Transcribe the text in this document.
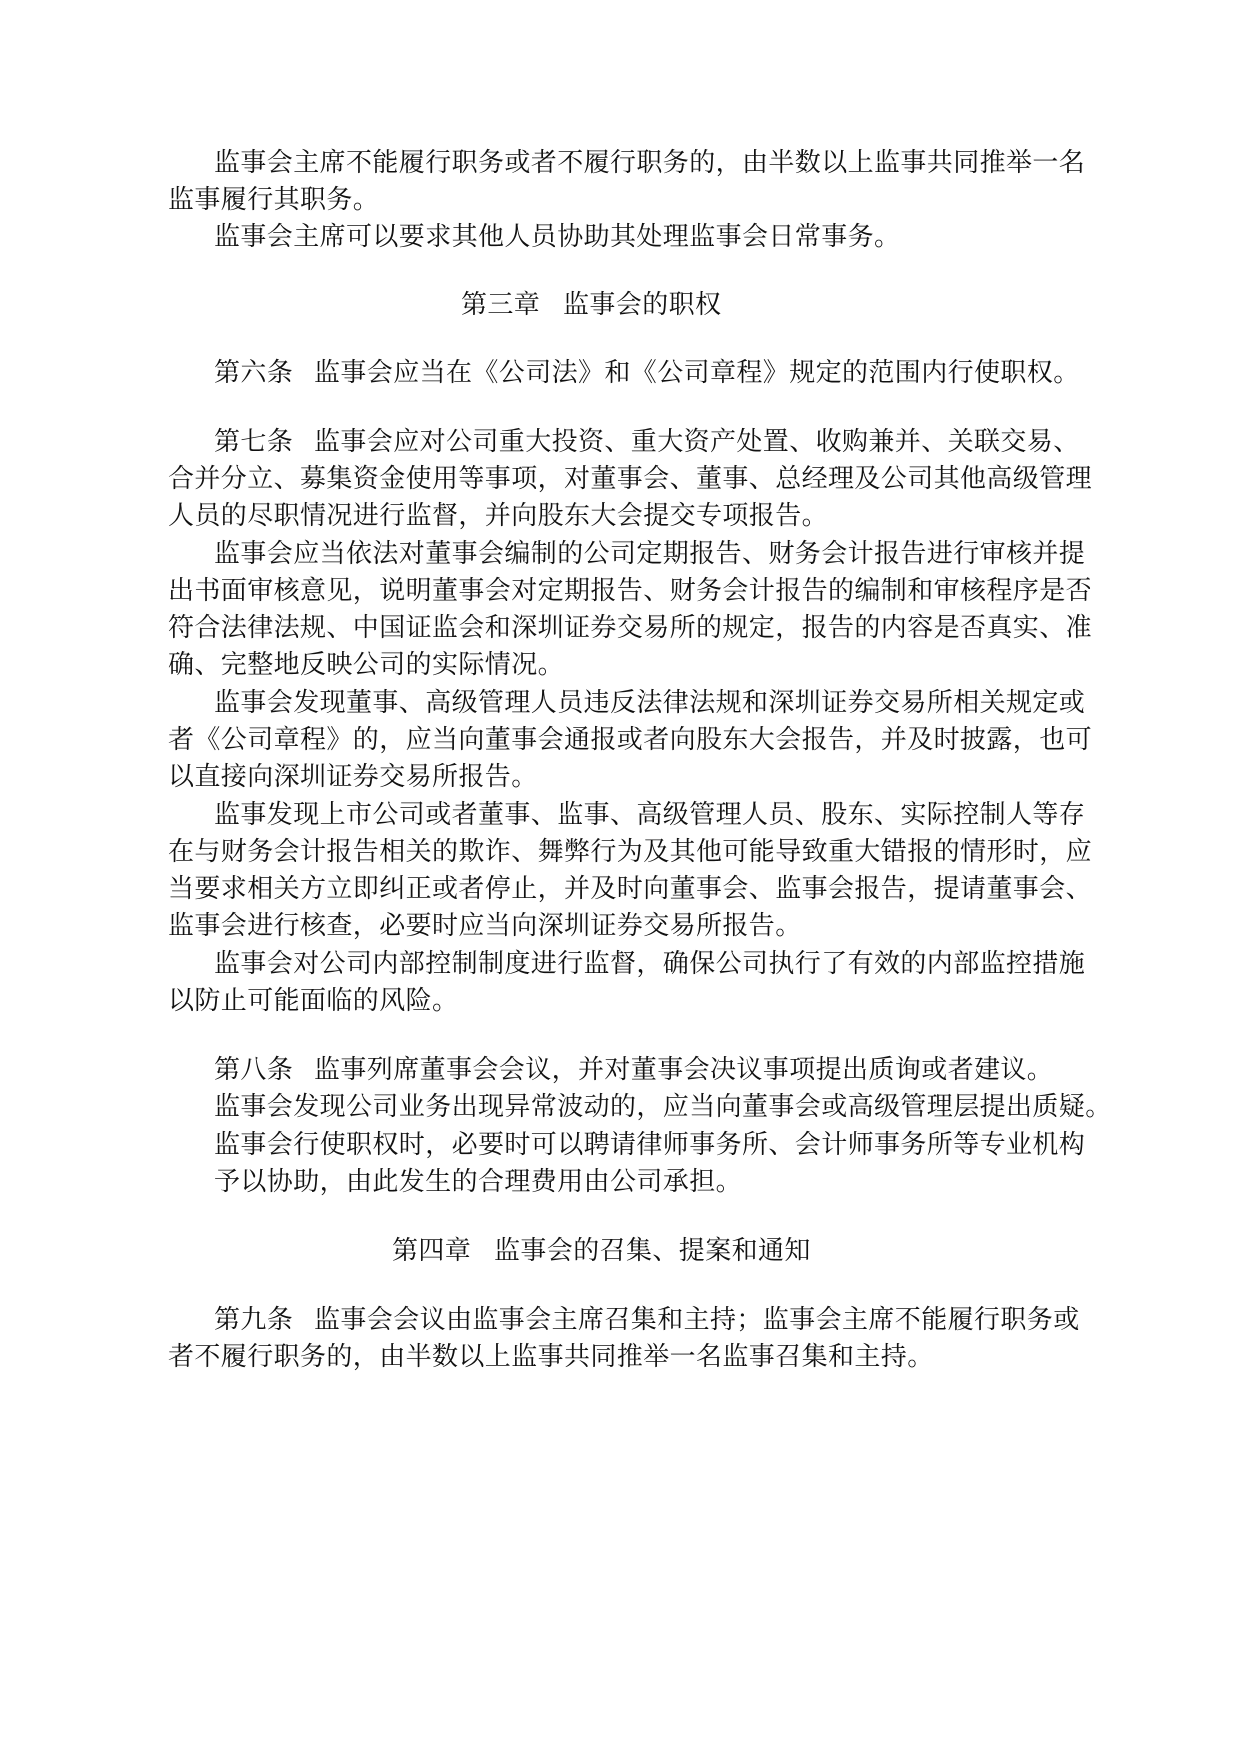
监事会主席不能履行职务或者不履行职务的，由半数以上监事共同推举一名
监事履行其职务。
监事会主席可以要求其他人员协助其处理监事会日常事务。
第三章 监事会的职权
第六条 监事会应当在《公司法》和《公司章程》规定的范围内行使职权。
第七条 监事会应对公司重大投资、重大资产处置、收购兼并、关联交易、
合并分立、募集资金使用等事项，对董事会、董事、总经理及公司其他高级管理
人员的尽职情况进行监督，并向股东大会提交专项报告。
监事会应当依法对董事会编制的公司定期报告、财务会计报告进行审核并提
出书面审核意见，说明董事会对定期报告、财务会计报告的编制和审核程序是否
符合法律法规、中国证监会和深圳证券交易所的规定，报告的内容是否真实、准
确、完整地反映公司的实际情况。
监事会发现董事、高级管理人员违反法律法规和深圳证券交易所相关规定或
者《公司章程》的，应当向董事会通报或者向股东大会报告，并及时披露，也可
以直接向深圳证券交易所报告。
监事发现上市公司或者董事、监事、高级管理人员、股东、实际控制人等存
在与财务会计报告相关的欺诈、舞弊行为及其他可能导致重大错报的情形时，应
当要求相关方立即纠正或者停止，并及时向董事会、监事会报告，提请董事会、
监事会进行核查，必要时应当向深圳证券交易所报告。
监事会对公司内部控制制度进行监督，确保公司执行了有效的内部监控措施
以防止可能面临的风险。
第八条 监事列席董事会会议，并对董事会决议事项提出质询或者建议。
监事会发现公司业务出现异常波动的，应当向董事会或高级管理层提出质疑。
监事会行使职权时，必要时可以聘请律师事务所、会计师事务所等专业机构
予以协助，由此发生的合理费用由公司承担。
第四章 监事会的召集、提案和通知
第九条 监事会会议由监事会主席召集和主持；监事会主席不能履行职务或
者不履行职务的，由半数以上监事共同推举一名监事召集和主持。
